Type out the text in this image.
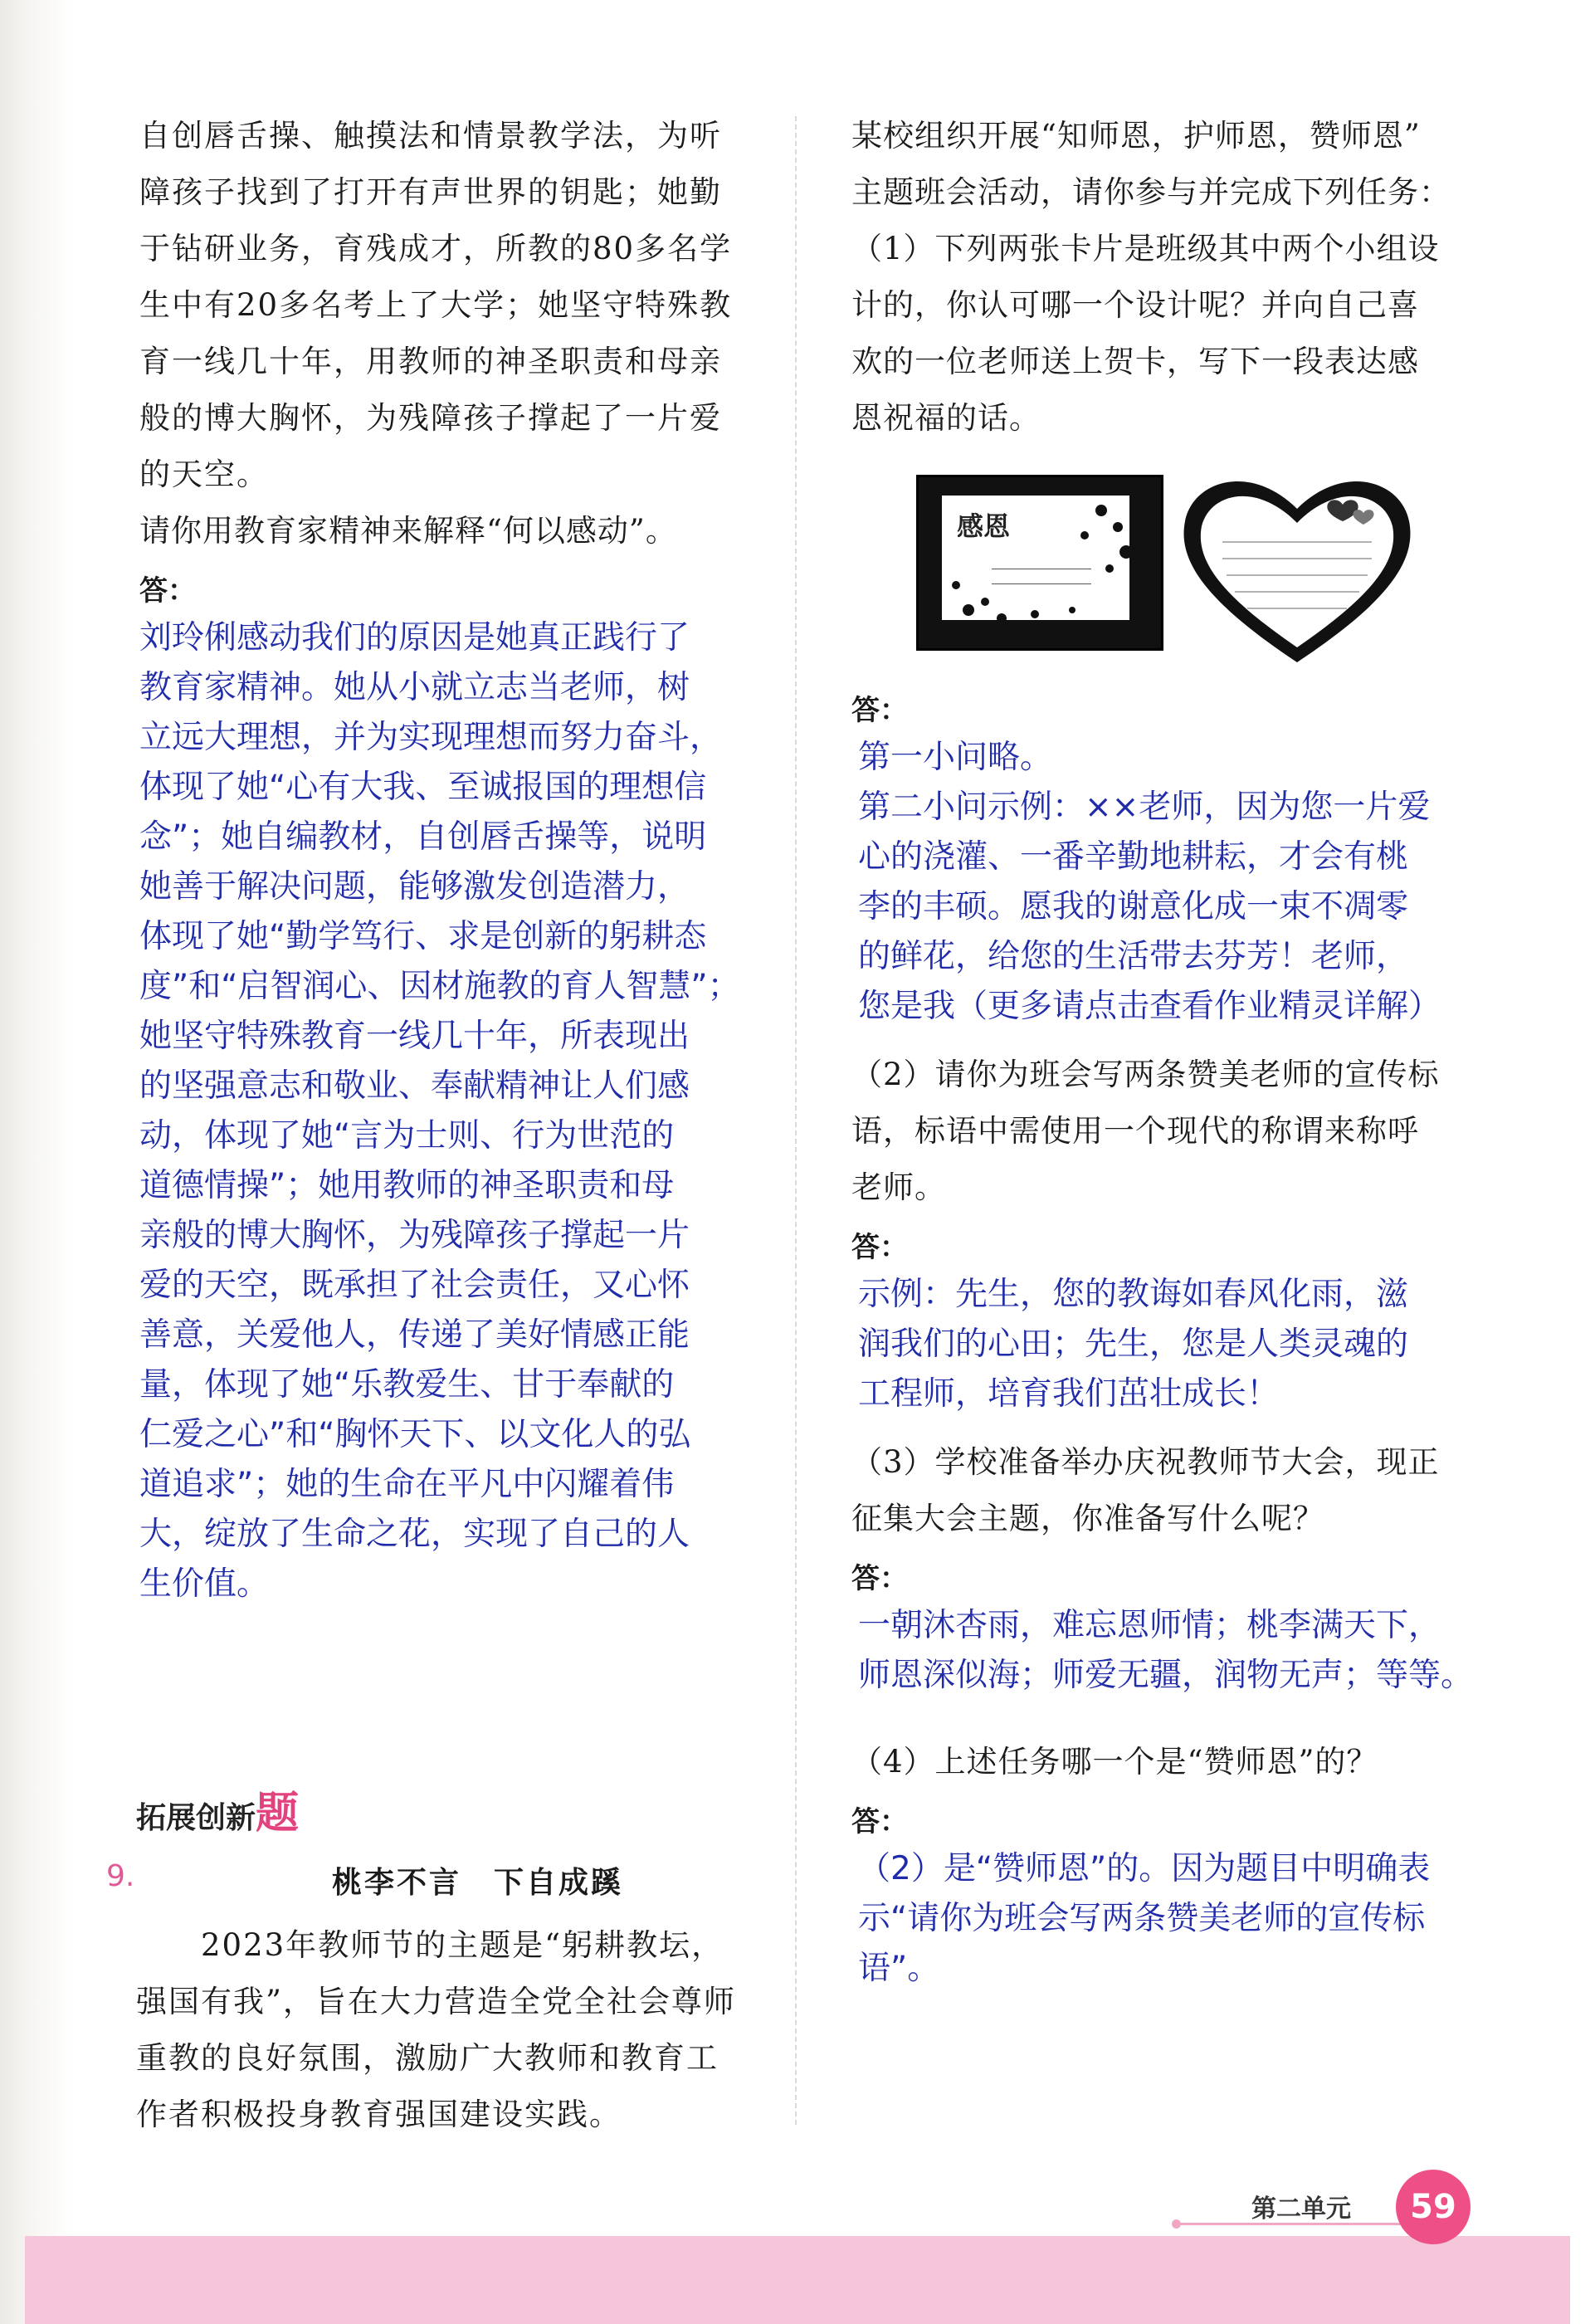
自创唇舌操、触摸法和情景教学法，为听

障孩子找到了打开有声世界的钥匙；她勤

于钻研业务，育残成才，所教的80多名学

生中有20多名考上了大学；她坚守特殊教

育一线几十年，用教师的神圣职责和母亲

般的博大胸怀，为残障孩子撑起了一片爱

的天空。

请你用教育家精神来解释“何以感动”。

答：

刘玲俐感动我们的原因是她真正践行了

教育家精神。她从小就立志当老师，树

立远大理想，并为实现理想而努力奋斗，

体现了她“心有大我、至诚报国的理想信

念”；她自编教材，自创唇舌操等，说明

她善于解决问题，能够激发创造潜力，

体现了她“勤学笃行、求是创新的躬耕态

度”和“启智润心、因材施教的育人智慧”；

她坚守特殊教育一线几十年，所表现出

的坚强意志和敬业、奉献精神让人们感

动，体现了她“言为士则、行为世范的

道德情操”；她用教师的神圣职责和母

亲般的博大胸怀，为残障孩子撑起一片

爱的天空，既承担了社会责任，又心怀

善意，关爱他人，传递了美好情感正能

量，体现了她“乐教爱生、甘于奉献的

仁爱之心”和“胸怀天下、以文化人的弘

道追求”；她的生命在平凡中闪耀着伟

大，绽放了生命之花，实现了自己的人

生价值。

拓展创新题
9.	桃李不言　下自成蹊

　　2023年教师节的主题是“躬耕教坛，

强国有我”，旨在大力营造全党全社会尊师

重教的良好氛围，激励广大教师和教育工

作者积极投身教育强国建设实践。

某校组织开展“知师恩，护师恩，赞师恩”

主题班会活动，请你参与并完成下列任务：

（1）下列两张卡片是班级其中两个小组设

计的，你认可哪一个设计呢？并向自己喜

欢的一位老师送上贺卡，写下一段表达感

恩祝福的话。

感恩

答：

第一小问略。

第二小问示例：××老师，因为您一片爱

心的浇灌、一番辛勤地耕耘，才会有桃

李的丰硕。愿我的谢意化成一束不凋零

的鲜花，给您的生活带去芬芳！老师，

您是我（更多请点击查看作业精灵详解）

（2）请你为班会写两条赞美老师的宣传标

语，标语中需使用一个现代的称谓来称呼

老师。

答：

示例：先生，您的教诲如春风化雨，滋

润我们的心田；先生，您是人类灵魂的

工程师，培育我们茁壮成长！

（3）学校准备举办庆祝教师节大会，现正

征集大会主题，你准备写什么呢？

答：

一朝沐杏雨，难忘恩师情；桃李满天下，

师恩深似海；师爱无疆，润物无声；等等。

（4）上述任务哪一个是“赞师恩”的？

答：

（2）是“赞师恩”的。因为题目中明确表

示“请你为班会写两条赞美老师的宣传标

语”。

第二单元	59
